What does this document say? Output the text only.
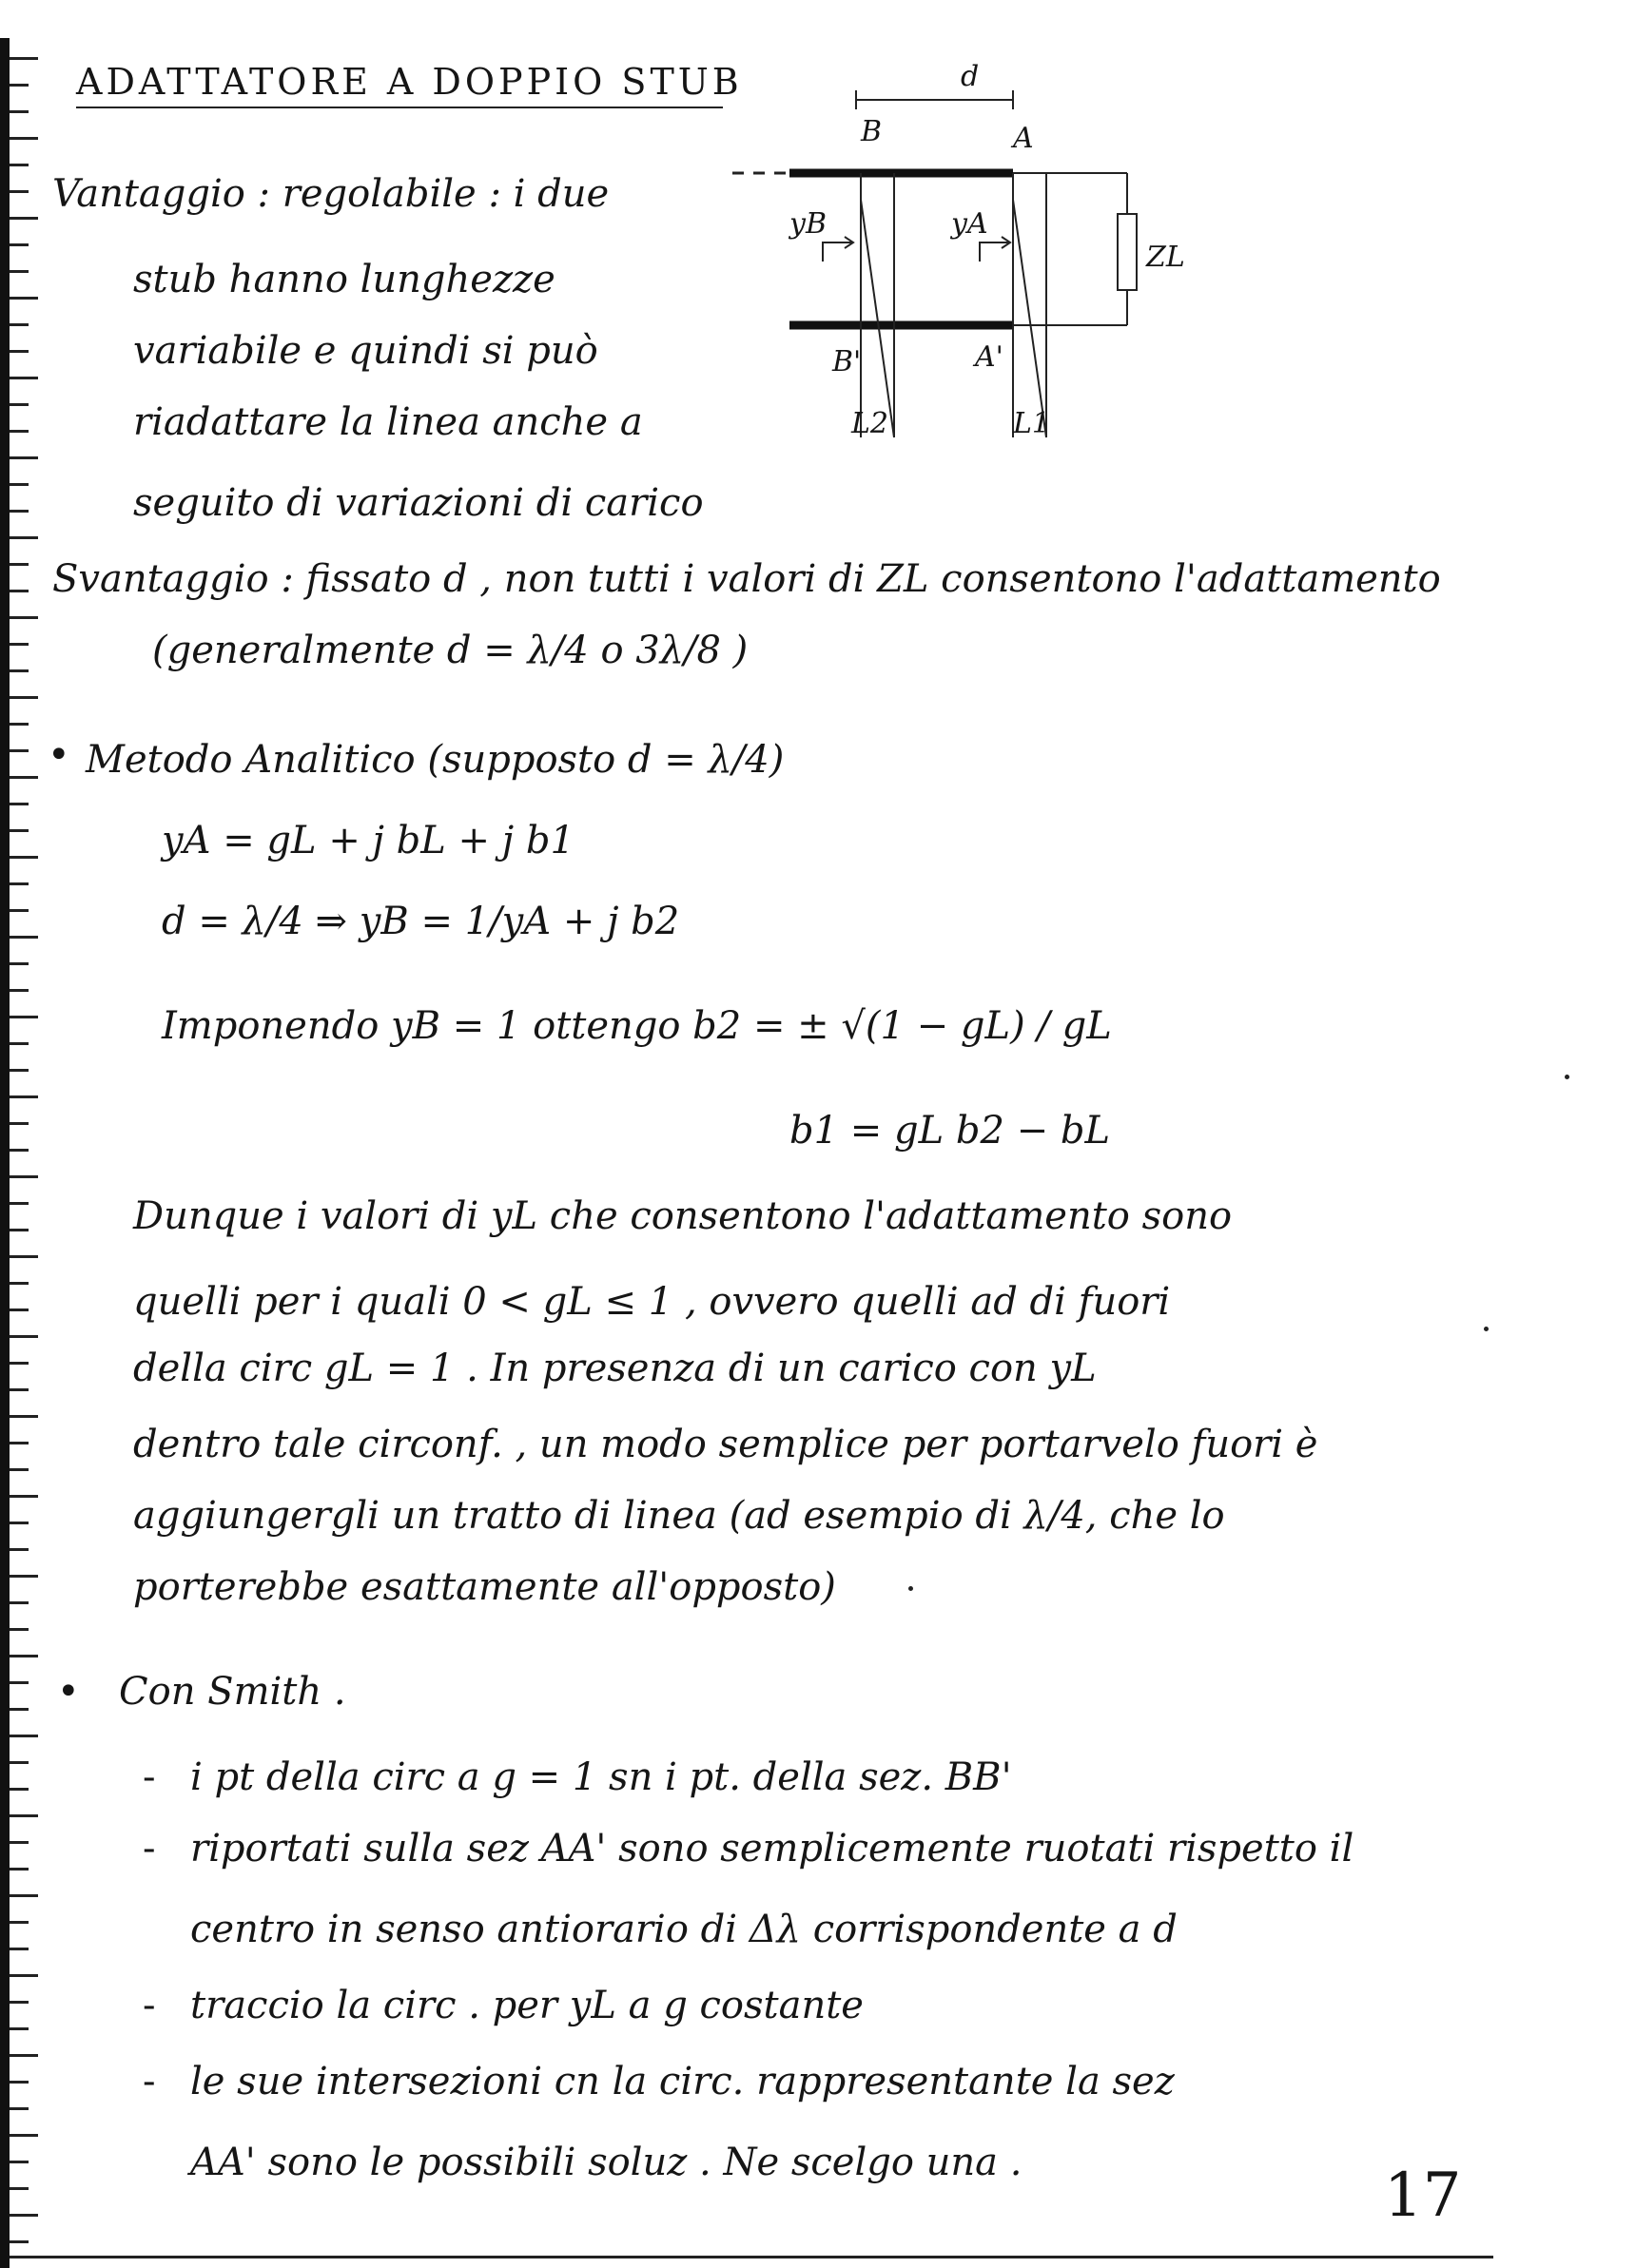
ADATTATORE A DOPPIO STUB	d
B	A
ZL
yB
B'
L2
yA
A'
L1
Vantaggio : regolabile : i due
stub hanno lunghezze
variabile e quindi si può
riadattare la linea anche a
seguito di variazioni di carico
Svantaggio : fissato d , non tutti i valori di ZL consentono l'adattamento
(generalmente d = λ/4 o 3λ/8 )
• Metodo Analitico (supposto d = λ/4)
yA = gL + j bL + j b1
d = λ/4 ⇒ yB = 1/yA + j b2
Imponendo yB = 1 ottengo b2 = ± √(1 − gL) / gL
b1 = gL b2 − bL
Dunque i valori di yL che consentono l'adattamento sono
quelli per i quali 0 < gL ≤ 1 , ovvero quelli ad di fuori
della circ gL = 1 . In presenza di un carico con yL
dentro tale circonf. , un modo semplice per portarvelo fuori è
aggiungergli un tratto di linea (ad esempio di λ/4, che lo
porterebbe esattamente all'opposto)
• Con Smith .
- i pt della circ a g = 1 sn i pt. della sez. BB'
- riportati sulla sez AA' sono semplicemente ruotati rispetto il
centro in senso antiorario di Δλ corrispondente a d
- traccio la circ . per yL a g costante
- le sue intersezioni cn la circ. rappresentante la sez
AA' sono le possibili soluz . Ne scelgo una .	17
